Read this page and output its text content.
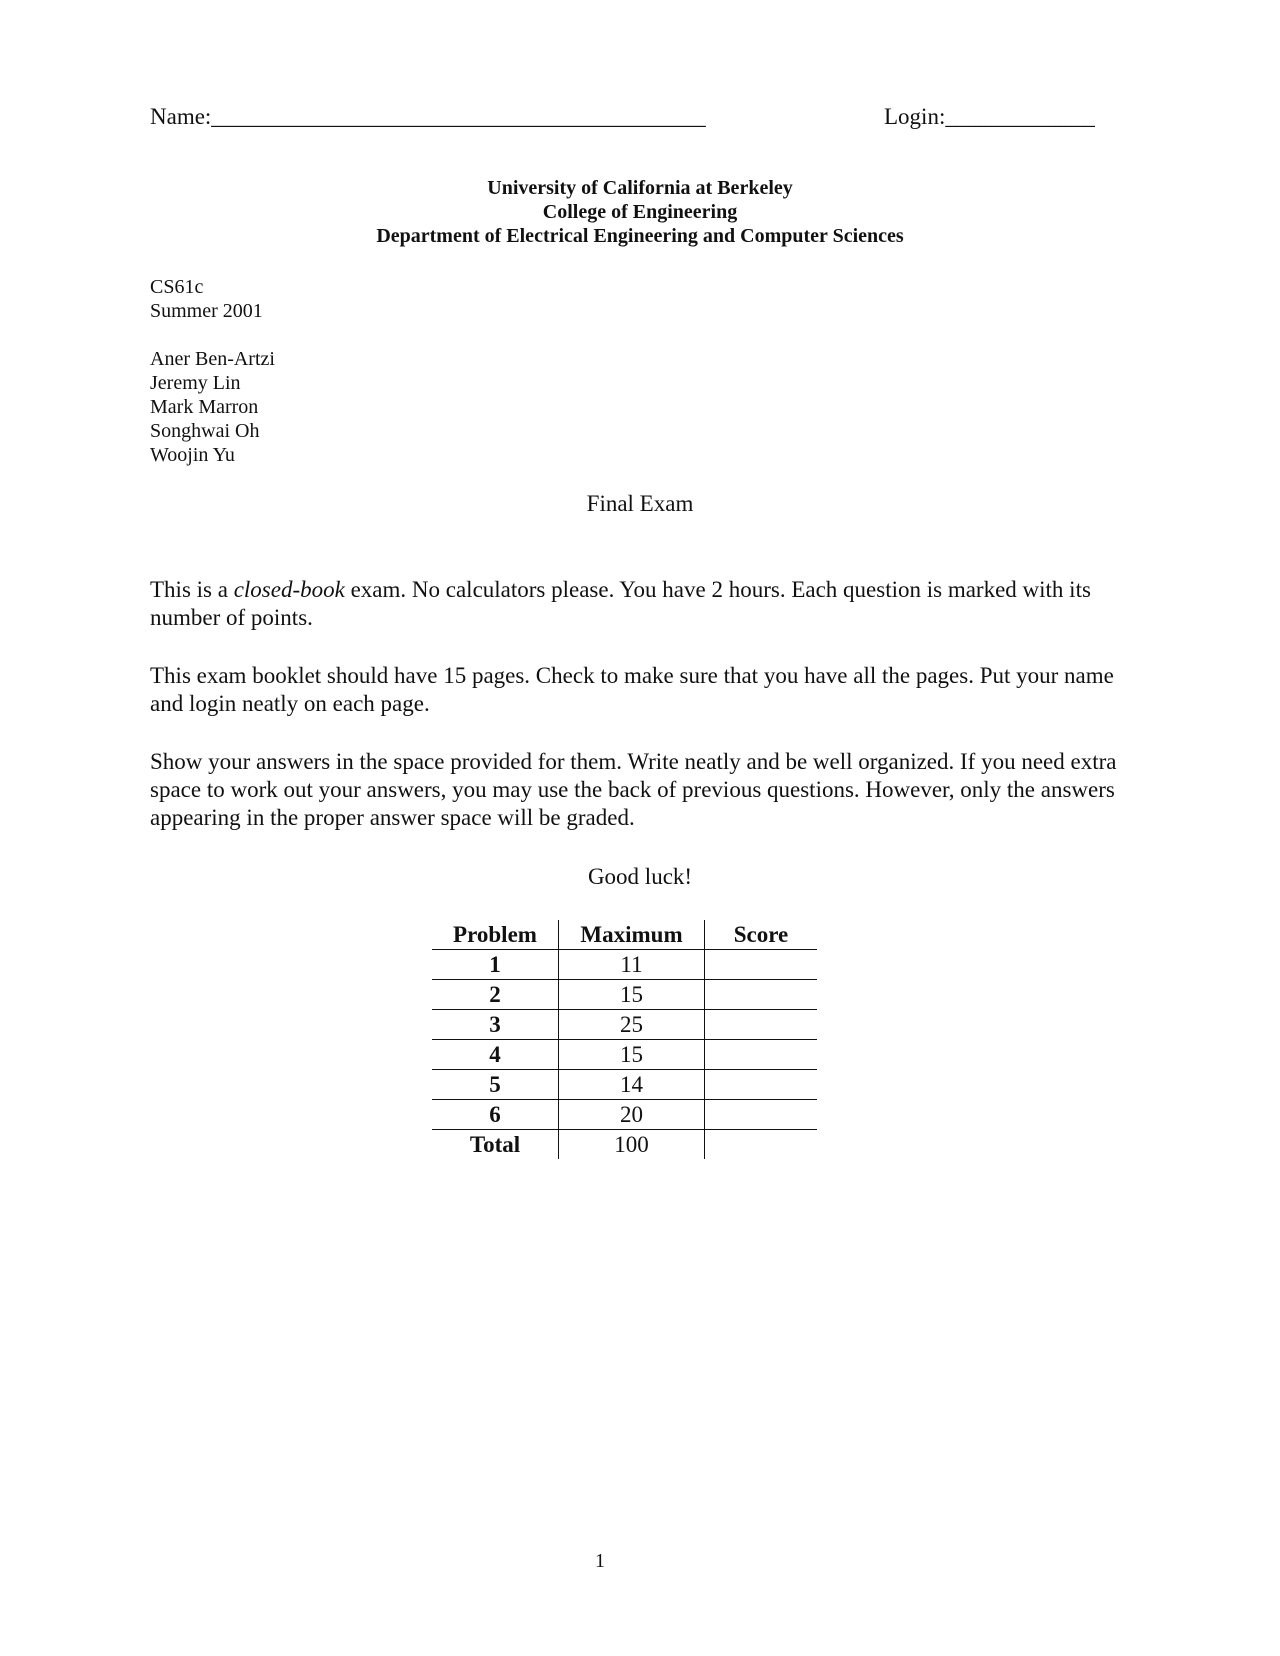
Name:___________________________________________	Login:_____________
University of California at Berkeley
College of Engineering
Department of Electrical Engineering and Computer Sciences
CS61c
Summer 2001
Aner Ben-Artzi
Jeremy Lin
Mark Marron
Songhwai Oh
Woojin Yu
Final Exam
This is a closed-book exam. No calculators please. You have 2 hours. Each question is marked with its number of points.
This exam booklet should have 15 pages. Check to make sure that you have all the pages. Put your name and login neatly on each page.
Show your answers in the space provided for them. Write neatly and be well organized. If you need extra space to work out your answers, you may use the back of previous questions. However, only the answers appearing in the proper answer space will be graded.
Good luck!
Problem	Maximum	Score
1	11	
2	15	
3	25	
4	15	
5	14	
6	20	
Total	100	
1
